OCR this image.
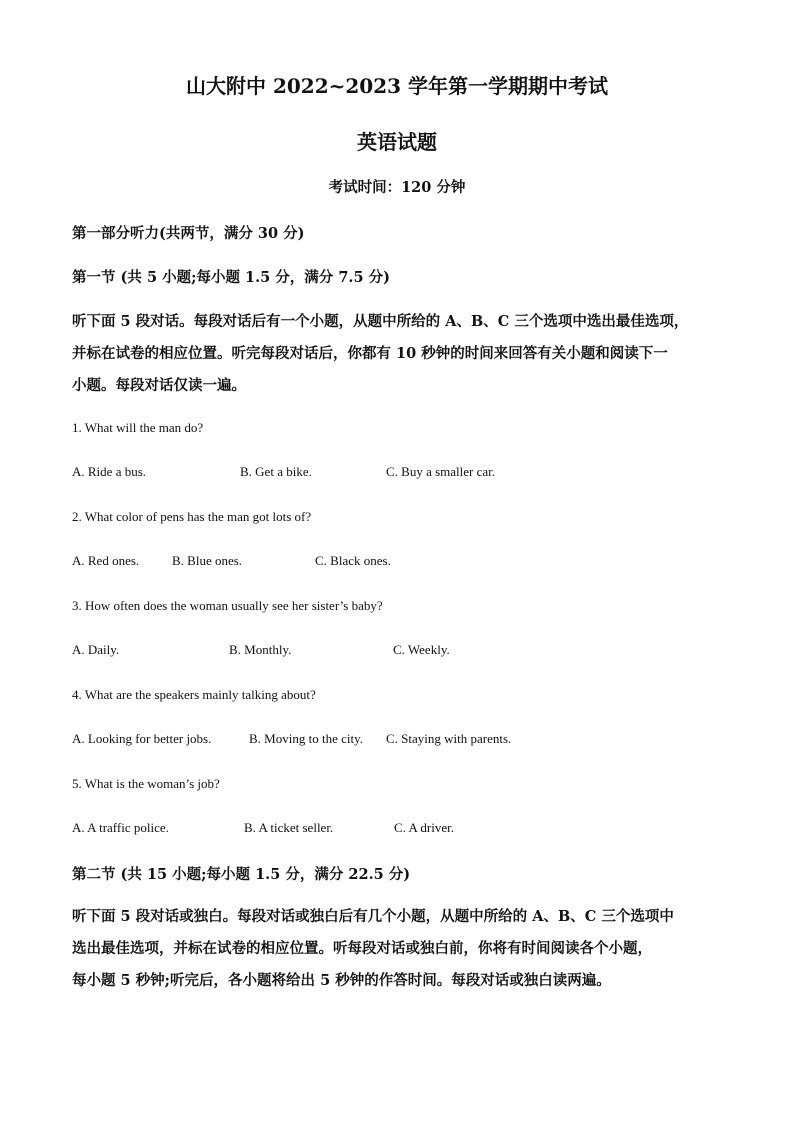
山大附中 2022~2023 学年第一学期期中考试
英语试题
考试时间：120 分钟
第一部分听力(共两节，满分 30 分)
第一节 (共 5 小题;每小题 1.5 分，满分 7.5 分)
听下面 5 段对话。每段对话后有一个小题，从题中所给的 A、B、C 三个选项中选出最佳选项，
并标在试卷的相应位置。听完每段对话后，你都有 10 秒钟的时间来回答有关小题和阅读下一
小题。每段对话仅读一遍。
1. What will the man do?
A. Ride a bus.	B. Get a bike.	C. Buy a smaller car.
2. What color of pens has the man got lots of?
A. Red ones.	B. Blue ones.	C. Black ones.
3. How often does the woman usually see her sister’s baby?
A. Daily.	B. Monthly.	C. Weekly.
4. What are the speakers mainly talking about?
A. Looking for better jobs.	B. Moving to the city. C. Staying with parents.
5. What is the woman’s job?
A. A traffic police.	B. A ticket seller.	C. A driver.
第二节 (共 15 小题;每小题 1.5 分，满分 22.5 分)
听下面 5 段对话或独白。每段对话或独白后有几个小题，从题中所给的 A、B、C 三个选项中
选出最佳选项，并标在试卷的相应位置。听每段对话或独白前，你将有时间阅读各个小题，
每小题 5 秒钟;听完后，各小题将给出 5 秒钟的作答时间。每段对话或独白读两遍。
